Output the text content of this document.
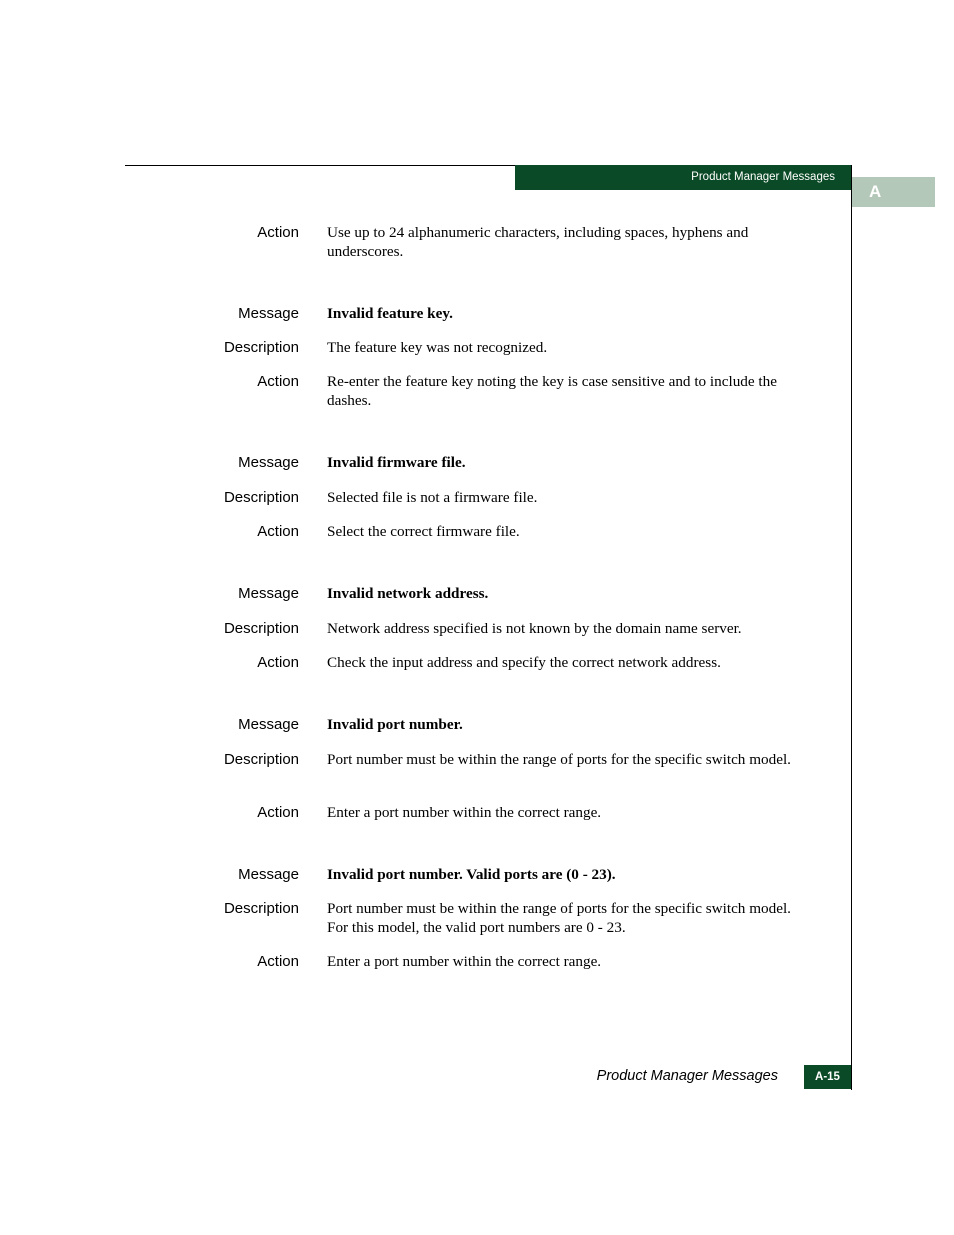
Product Manager Messages
A
Action Use up to 24 alphanumeric characters, including spaces, hyphens and underscores.
Message Invalid feature key.
Description The feature key was not recognized.
Action Re-enter the feature key noting the key is case sensitive and to include the dashes.
Message Invalid firmware file.
Description Selected file is not a firmware file.
Action Select the correct firmware file.
Message Invalid network address.
Description Network address specified is not known by the domain name server.
Action Check the input address and specify the correct network address.
Message Invalid port number.
Description Port number must be within the range of ports for the specific switch model.
Action Enter a port number within the correct range.
Message Invalid port number. Valid ports are (0 - 23).
Description Port number must be within the range of ports for the specific switch model. For this model, the valid port numbers are 0 - 23.
Action Enter a port number within the correct range.
Product Manager Messages	A-15
